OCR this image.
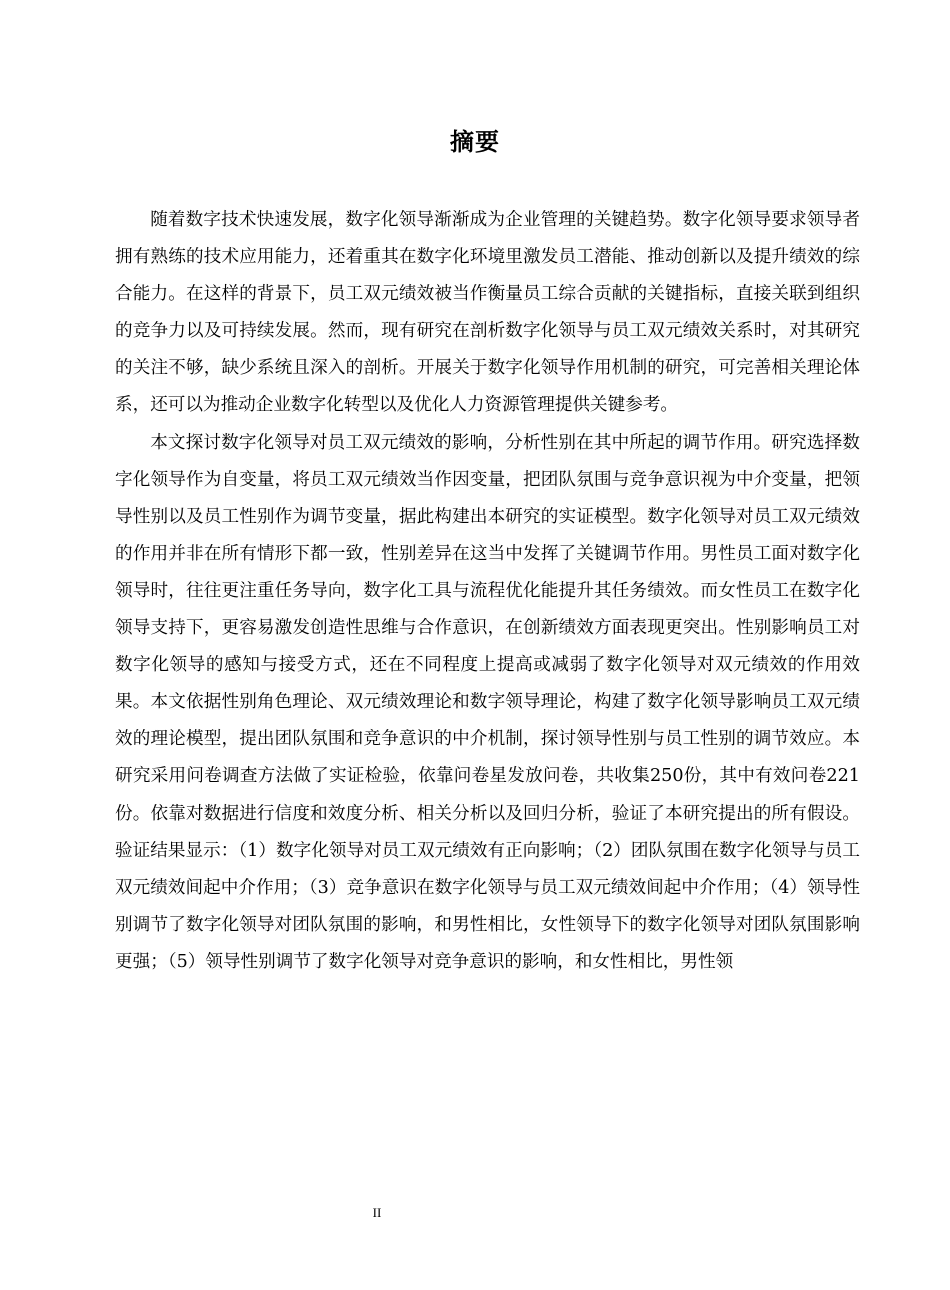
摘要

随着数字技术快速发展，数字化领导渐渐成为企业管理的关键趋势。数字化领导要求领导者拥有熟练的技术应用能力，还着重其在数字化环境里激发员工潜能、推动创新以及提升绩效的综合能力。在这样的背景下，员工双元绩效被当作衡量员工综合贡献的关键指标，直接关联到组织的竞争力以及可持续发展。然而，现有研究在剖析数字化领导与员工双元绩效关系时，对其研究的关注不够，缺少系统且深入的剖析。开展关于数字化领导作用机制的研究，可完善相关理论体系，还可以为推动企业数字化转型以及优化人力资源管理提供关键参考。

本文探讨数字化领导对员工双元绩效的影响，分析性别在其中所起的调节作用。研究选择数字化领导作为自变量，将员工双元绩效当作因变量，把团队氛围与竞争意识视为中介变量，把领导性别以及员工性别作为调节变量，据此构建出本研究的实证模型。数字化领导对员工双元绩效的作用并非在所有情形下都一致，性别差异在这当中发挥了关键调节作用。男性员工面对数字化领导时，往往更注重任务导向，数字化工具与流程优化能提升其任务绩效。而女性员工在数字化领导支持下，更容易激发创造性思维与合作意识，在创新绩效方面表现更突出。性别影响员工对数字化领导的感知与接受方式，还在不同程度上提高或减弱了数字化领导对双元绩效的作用效果。本文依据性别角色理论、双元绩效理论和数字领导理论，构建了数字化领导影响员工双元绩效的理论模型，提出团队氛围和竞争意识的中介机制，探讨领导性别与员工性别的调节效应。本研究采用问卷调查方法做了实证检验，依靠问卷星发放问卷，共收集250份，其中有效问卷221份。依靠对数据进行信度和效度分析、相关分析以及回归分析，验证了本研究提出的所有假设。验证结果显示：（1）数字化领导对员工双元绩效有正向影响；（2）团队氛围在数字化领导与员工双元绩效间起中介作用；（3）竞争意识在数字化领导与员工双元绩效间起中介作用；（4）领导性别调节了数字化领导对团队氛围的影响，和男性相比，女性领导下的数字化领导对团队氛围影响更强；（5）领导性别调节了数字化领导对竞争意识的影响，和女性相比，男性领

II
